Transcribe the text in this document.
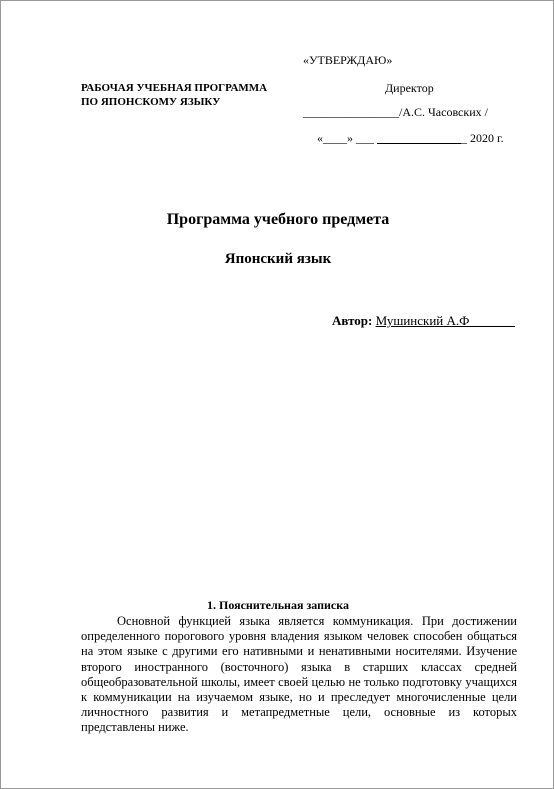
«УТВЕРЖДАЮ»
РАБОЧАЯ УЧЕБНАЯ ПРОГРАММА
ПО ЯПОНСКОМУ ЯЗЫКУ
Директор
________________/А.С. Часовских /
«____» ___ _______________ 2020 г.
Программа учебного предмета
Японский язык
Автор: Мушинский А.Ф_______
1. Пояснительная записка
Основной функцией языка является коммуникация. При достижении определенного порогового уровня владения языком человек способен общаться на этом языке с другими его нативными и ненативными носителями. Изучение второго иностранного (восточного) языка в старших классах средней общеобразовательной школы, имеет своей целью не только подготовку учащихся к коммуникации на изучаемом языке, но и преследует многочисленные цели личностного развития и метапредметные цели, основные из которых представлены ниже.
